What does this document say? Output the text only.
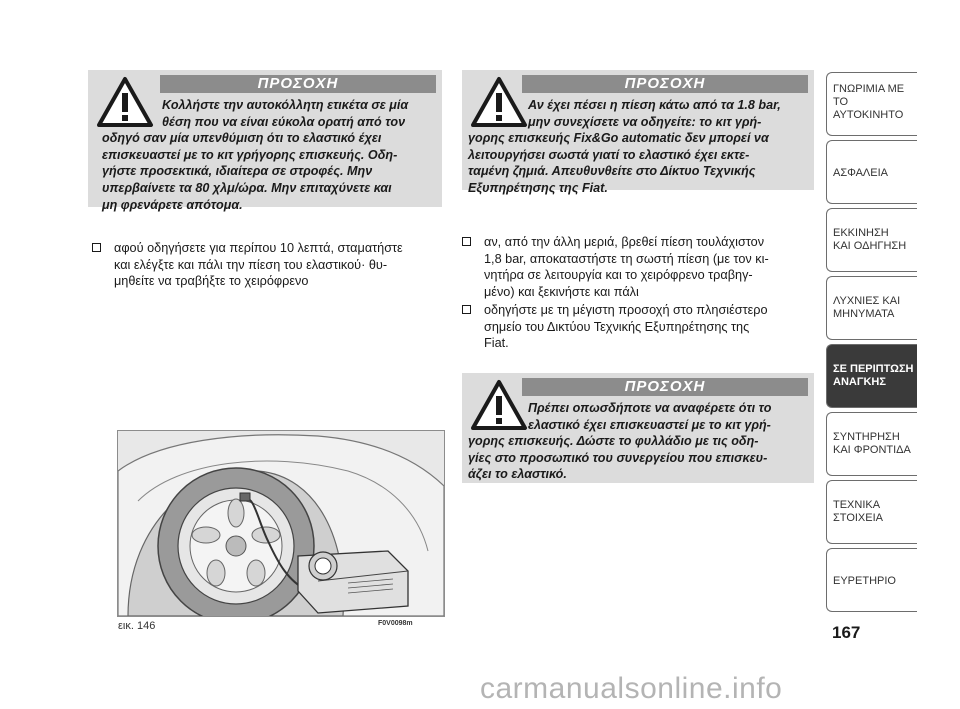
ΠΡΟΣΟΧΗ
Κολλήστε την αυτοκόλλητη ετικέτα σε μία
θέση που να είναι εύκολα ορατή από τον
οδηγό σαν μία υπενθύμιση ότι το ελαστικό έχει
επισκευαστεί με το κιτ γρήγορης επισκευής. Οδη-
γήστε προσεκτικά, ιδιαίτερα σε στροφές. Μην
υπερβαίνετε τα 80 χλμ/ώρα. Μην επιταχύνετε και
μη φρενάρετε απότομα.
ΠΡΟΣΟΧΗ
Αν έχει πέσει η πίεση κάτω από τα 1.8 bar,
μην συνεχίσετε να οδηγείτε: το κιτ γρή-
γορης επισκευής Fix&Go automatic δεν μπορεί να
λειτουργήσει σωστά γιατί το ελαστικό έχει εκτε-
ταμένη ζημιά. Απευθυνθείτε στο Δίκτυο Τεχνικής
Εξυπηρέτησης της Fiat.
αφού οδηγήσετε για περίπου 10 λεπτά, σταματήστε
και ελέγξτε και πάλι την πίεση του ελαστικού· θυ-
μηθείτε να τραβήξτε το χειρόφρενο
αν, από την άλλη μεριά, βρεθεί πίεση τουλάχιστον
1,8 bar, αποκαταστήστε τη σωστή πίεση (με τον κι-
νητήρα σε λειτουργία και το χειρόφρενο τραβηγ-
μένο) και ξεκινήστε και πάλι
οδηγήστε με τη μέγιστη προσοχή στο πλησιέστερο
σημείο του Δικτύου Τεχνικής Εξυπηρέτησης της
Fiat.
ΠΡΟΣΟΧΗ
Πρέπει οπωσδήποτε να αναφέρετε ότι το
ελαστικό έχει επισκευαστεί με το κιτ γρή-
γορης επισκευής. Δώστε το φυλλάδιο με τις οδη-
γίες στο προσωπικό του συνεργείου που επισκευ-
άζει το ελαστικό.
εικ. 146	F0V0098m
ΓΝΩΡΙΜΙΑ ΜΕ
ΤΟ ΑΥΤΟΚΙΝΗΤΟ
ΑΣΦΑΛΕΙΑ
ΕΚΚΙΝΗΣΗ
ΚΑΙ ΟΔΗΓΗΣΗ
ΛΥΧΝΙΕΣ ΚΑΙ
ΜΗΝΥΜΑΤΑ
ΣΕ ΠΕΡΙΠΤΩΣΗ
ΑΝΑΓΚΗΣ
ΣΥΝΤΗΡΗΣΗ
ΚΑΙ ΦΡΟΝΤΙΔΑ
ΤΕΧΝΙΚΑ
ΣΤΟΙΧΕΙΑ
ΕΥΡΕΤΗΡΙΟ
167
carmanualsonline.info
